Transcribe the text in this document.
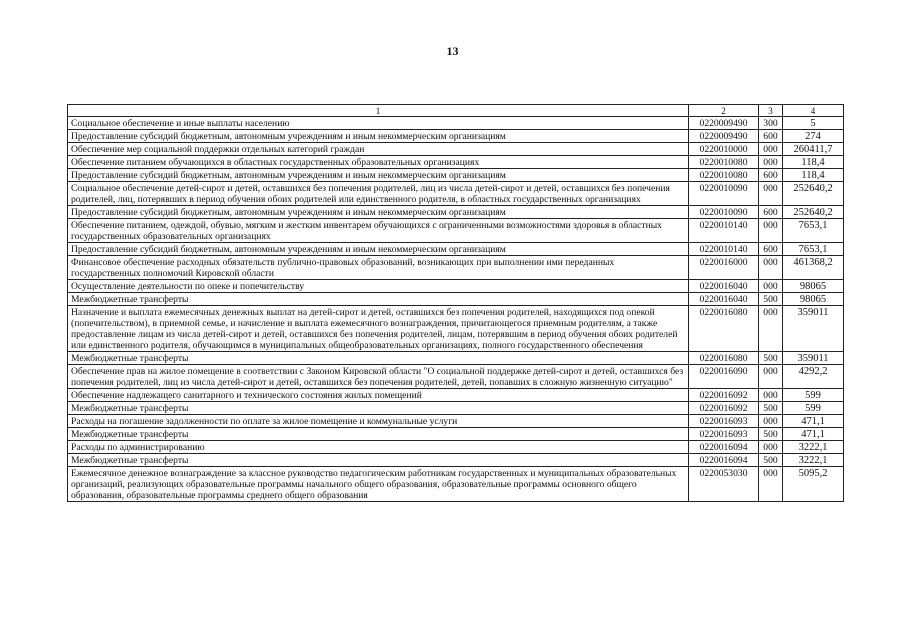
13
1	2	3	4
Социальное обеспечение и иные выплаты населению	0220009490	300	5
Предоставление субсидий бюджетным, автономным учреждениям и иным некоммерческим организациям	0220009490	600	274
Обеспечение мер социальной поддержки отдельных категорий граждан	0220010000	000	260411,7
Обеспечение питанием обучающихся в областных государственных образовательных организациях	0220010080	000	118,4
Предоставление субсидий бюджетным, автономным учреждениям и иным некоммерческим организациям	0220010080	600	118,4
Социальное обеспечение детей-сирот и детей, оставшихся без попечения родителей, лиц из числа детей-сирот и детей, оставшихся без попечения родителей, лиц, потерявших в период обучения обоих родителей или единственного родителя, в областных государственных организациях	0220010090	000	252640,2
Предоставление субсидий бюджетным, автономным учреждениям и иным некоммерческим организациям	0220010090	600	252640,2
Обеспечение питанием, одеждой, обувью, мягким и жестким инвентарем обучающихся с ограниченными возможностями здоровья в областных государственных образовательных организациях	0220010140	000	7653,1
Предоставление субсидий бюджетным, автономным учреждениям и иным некоммерческим организациям	0220010140	600	7653,1
Финансовое обеспечение расходных обязательств публично-правовых образований, возникающих при выполнении ими переданных государственных полномочий Кировской области	0220016000	000	461368,2
Осуществление деятельности по опеке и попечительству	0220016040	000	98065
Межбюджетные трансферты	0220016040	500	98065
Назначение и выплата ежемесячных денежных выплат на детей-сирот и детей, оставшихся без попечения родителей, находящихся под опекой (попечительством), в приемной семье, и начисление и выплата ежемесячного вознаграждения, причитающегося приемным родителям, а также предоставление лицам из числа детей-сирот и детей, оставшихся без попечения родителей, лицам, потерявшим в период обучения обоих родителей или единственного родителя, обучающимся в муниципальных общеобразовательных организациях, полного государственного обеспечения	0220016080	000	359011
Межбюджетные трансферты	0220016080	500	359011
Обеспечение прав на жилое помещение в соответствии с Законом Кировской области "О социальной поддержке детей-сирот и детей, оставшихся без попечения родителей, лиц из числа детей-сирот и детей, оставшихся без попечения родителей, детей, попавших в сложную жизненную ситуацию"	0220016090	000	4292,2
Обеспечение надлежащего санитарного и технического состояния жилых помещений	0220016092	000	599
Межбюджетные трансферты	0220016092	500	599
Расходы на погашение задолженности по оплате за жилое помещение и коммунальные услуги	0220016093	000	471,1
Межбюджетные трансферты	0220016093	500	471,1
Расходы по администрированию	0220016094	000	3222,1
Межбюджетные трансферты	0220016094	500	3222,1
Ежемесячное денежное вознаграждение за классное руководство педагогическим работникам государственных и муниципальных образовательных организаций, реализующих образовательные программы начального общего образования, образовательные программы основного общего образования, образовательные программы среднего общего образования	0220053030	000	5095,2
